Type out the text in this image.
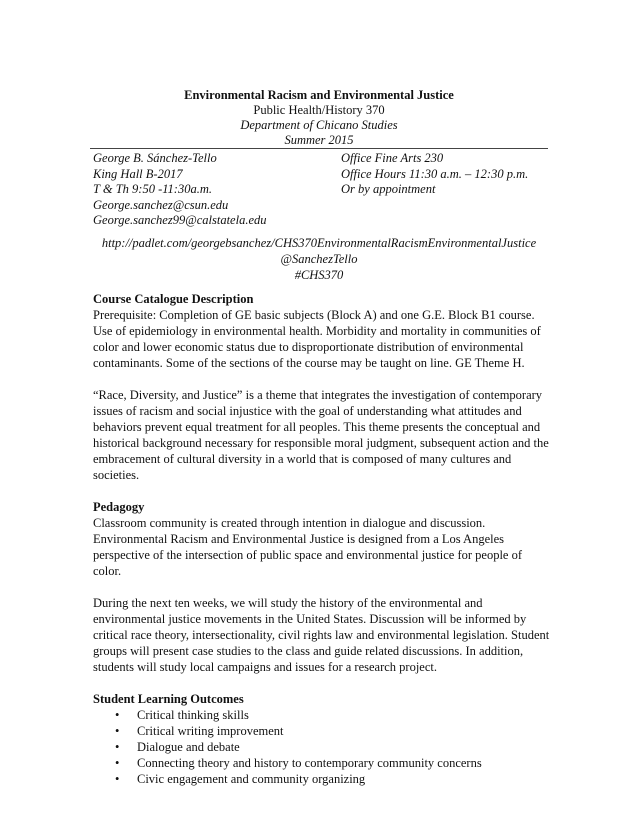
Environmental Racism and Environmental Justice
Public Health/History 370
Department of Chicano Studies
Summer 2015
George B. Sánchez-Tello
King Hall B-2017
T & Th 9:50 -11:30a.m.
George.sanchez@csun.edu
George.sanchez99@calstatela.edu
Office Fine Arts 230
Office Hours 11:30 a.m. – 12:30 p.m.
Or by appointment
http://padlet.com/georgebsanchez/CHS370EnvironmentalRacismEnvironmentalJustice
@SanchezTello
#CHS370
Course Catalogue Description

Prerequisite: Completion of GE basic subjects (Block A) and one G.E. Block B1 course. Use of epidemiology in environmental health. Morbidity and mortality in communities of color and lower economic status due to disproportionate distribution of environmental contaminants. Some of the sections of the course may be taught on line. GE Theme H.

“Race, Diversity, and Justice” is a theme that integrates the investigation of contemporary issues of racism and social injustice with the goal of understanding what attitudes and behaviors prevent equal treatment for all peoples. This theme presents the conceptual and historical background necessary for responsible moral judgment, subsequent action and the embracement of cultural diversity in a world that is composed of many cultures and societies.

Pedagogy

Classroom community is created through intention in dialogue and discussion. Environmental Racism and Environmental Justice is designed from a Los Angeles perspective of the intersection of public space and environmental justice for people of color.

During the next ten weeks, we will study the history of the environmental and environmental justice movements in the United States. Discussion will be informed by critical race theory, intersectionality, civil rights law and environmental legislation. Student groups will present case studies to the class and guide related discussions. In addition, students will study local campaigns and issues for a research project.

Student Learning Outcomes
• Critical thinking skills
• Critical writing improvement
• Dialogue and debate
• Connecting theory and history to contemporary community concerns
• Civic engagement and community organizing
